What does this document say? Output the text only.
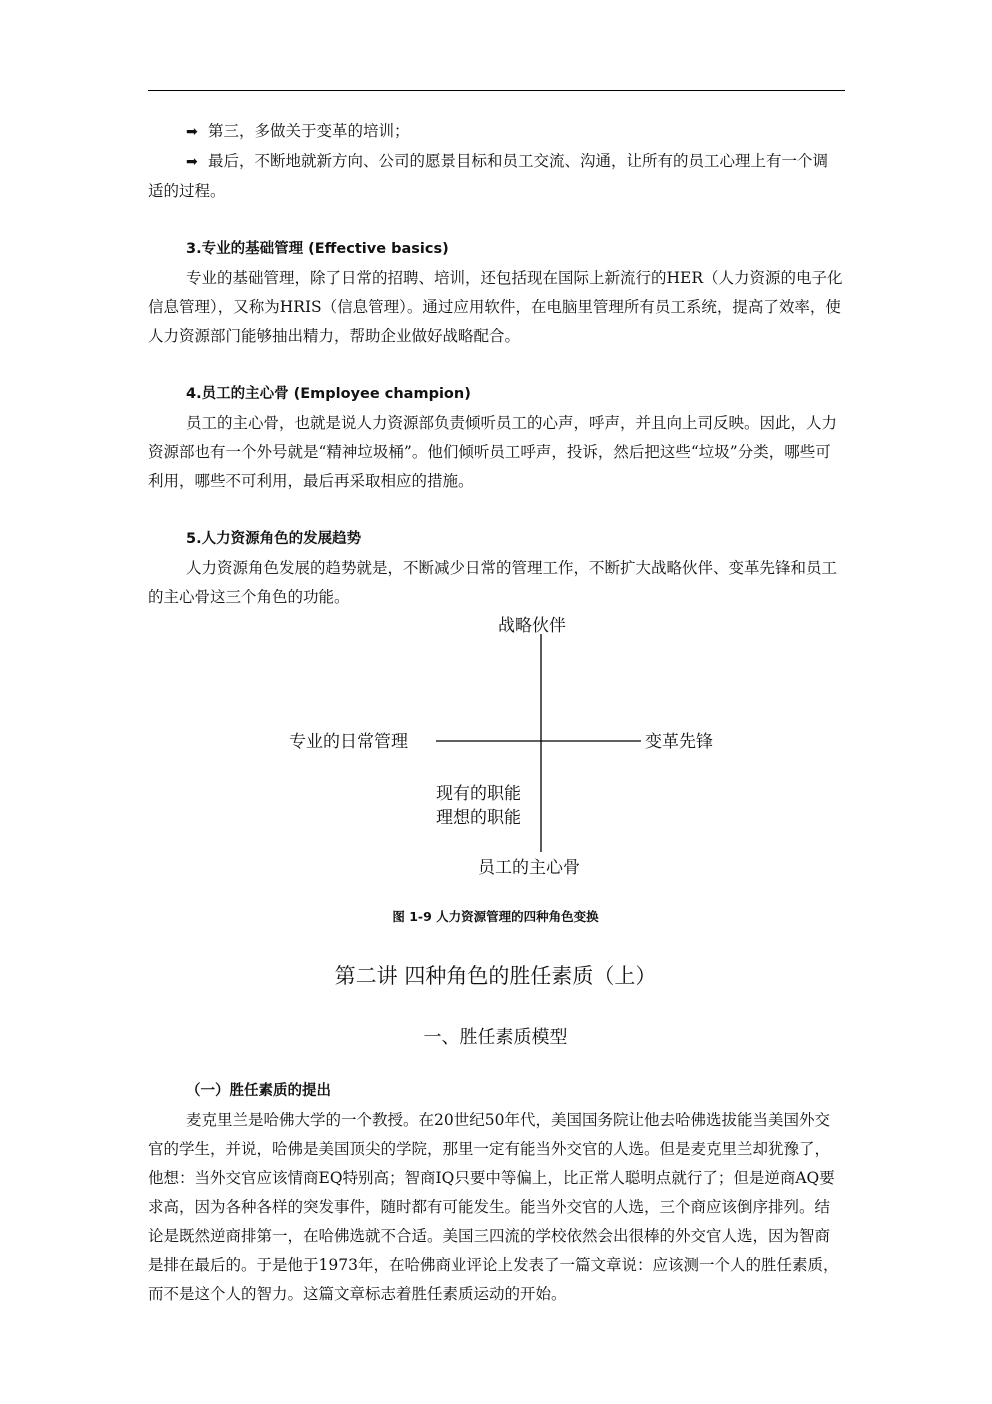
➡ 第三，多做关于变革的培训；

➡ 最后，不断地就新方向、公司的愿景目标和员工交流、沟通，让所有的员工心理上有一个调适的过程。

3.专业的基础管理 (Effective basics)

专业的基础管理，除了日常的招聘、培训，还包括现在国际上新流行的HER（人力资源的电子化信息管理），又称为HRIS（信息管理）。通过应用软件，在电脑里管理所有员工系统，提高了效率，使人力资源部门能够抽出精力，帮助企业做好战略配合。

4.员工的主心骨 (Employee champion)

员工的主心骨，也就是说人力资源部负责倾听员工的心声，呼声，并且向上司反映。因此，人力资源部也有一个外号就是“精神垃圾桶”。他们倾听员工呼声，投诉，然后把这些“垃圾”分类，哪些可利用，哪些不可利用，最后再采取相应的措施。

5.人力资源角色的发展趋势

人力资源角色发展的趋势就是，不断减少日常的管理工作，不断扩大战略伙伴、变革先锋和员工的主心骨这三个角色的功能。

战略伙伴
专业的日常管理	变革先锋
现有的职能
理想的职能
员工的主心骨
图 1-9 人力资源管理的四种角色变换
第二讲 四种角色的胜任素质（上）
一、胜任素质模型

（一）胜任素质的提出

麦克里兰是哈佛大学的一个教授。在20世纪50年代，美国国务院让他去哈佛选拔能当美国外交官的学生，并说，哈佛是美国顶尖的学院，那里一定有能当外交官的人选。但是麦克里兰却犹豫了，他想：当外交官应该情商EQ特别高；智商IQ只要中等偏上，比正常人聪明点就行了；但是逆商AQ要求高，因为各种各样的突发事件，随时都有可能发生。能当外交官的人选，三个商应该倒序排列。结论是既然逆商排第一，在哈佛选就不合适。美国三四流的学校依然会出很棒的外交官人选，因为智商是排在最后的。于是他于1973年，在哈佛商业评论上发表了一篇文章说：应该测一个人的胜任素质，而不是这个人的智力。这篇文章标志着胜任素质运动的开始。
